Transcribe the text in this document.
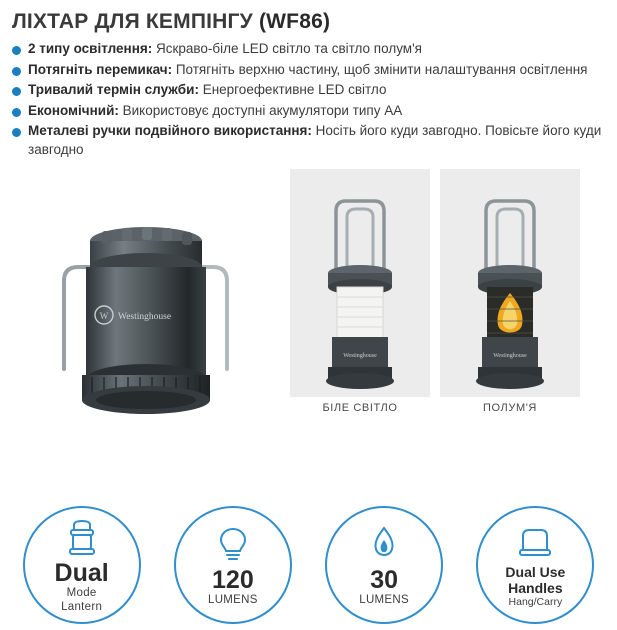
ЛІХТАР ДЛЯ КЕМПІНГУ (WF86)
2 типу освітлення: Яскраво-біле LED світло та світло полум'я
Потягніть перемикач: Потягніть верхню частину, щоб змінити налаштування освітлення
Тривалий термін служби: Енергоефективне LED світло
Економічний: Використовує доступні акумулятори типу AA
Металеві ручки подвійного використання: Носіть його куди завгодно. Повісьте його куди завгодно
W Westinghouse
Westinghouse
БІЛЕ СВІТЛО
Westinghouse
ПОЛУМ'Я
Dual
Mode
Lantern
120
LUMENS
30
LUMENS
Dual Use
Handles
Hang/Carry
